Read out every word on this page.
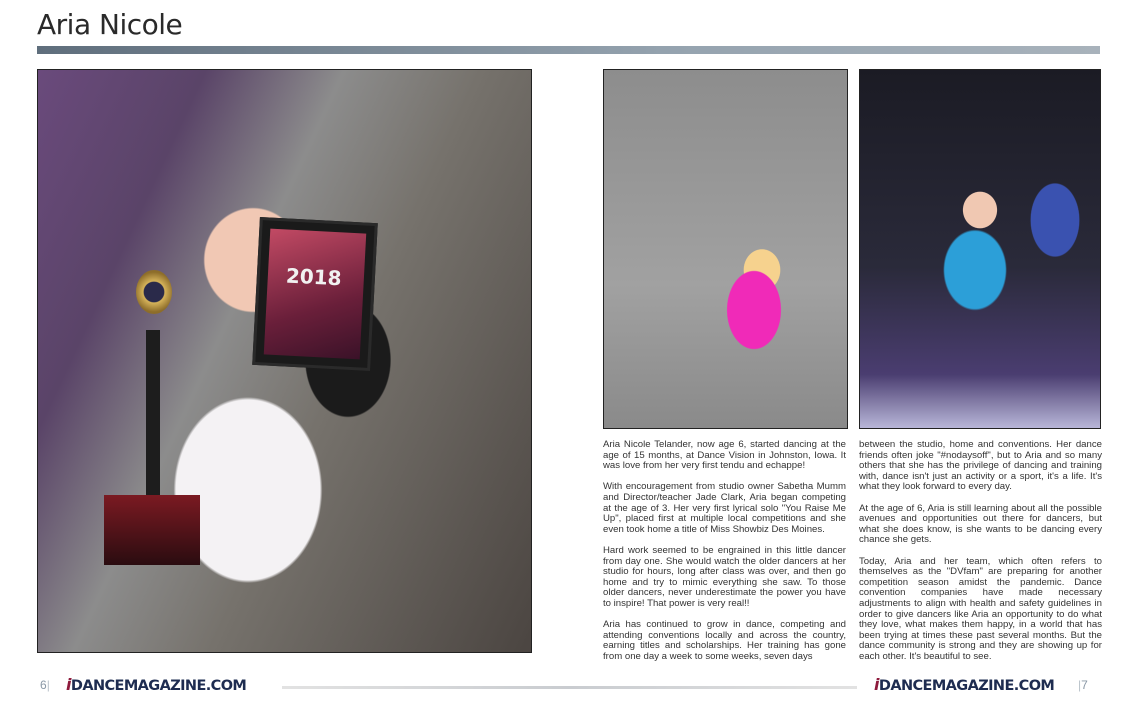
Aria Nicole
2018

Aria Nicole Telander, now age 6, started dancing at the age of 15 months, at Dance Vision in Johnston, Iowa. It was love from her very first tendu and echappe!

With encouragement from studio owner Sabetha Mumm and Director/teacher Jade Clark, Aria began competing at the age of 3. Her very first lyrical solo "You Raise Me Up", placed first at multiple local competitions and she even took home a title of Miss Showbiz Des Moines.

Hard work seemed to be engrained in this little dancer from day one. She would watch the older dancers at her studio for hours, long after class was over, and then go home and try to mimic everything she saw. To those older dancers, never underestimate the power you have to inspire! That power is very real!!

Aria has continued to grow in dance, competing and attending conventions locally and across the country, earning titles and scholarships. Her training has gone from one day a week to some weeks, seven days

between the studio, home and conventions. Her dance friends often joke "#nodaysoff", but to Aria and so many others that she has the privilege of dancing and training with, dance isn't just an activity or a sport, it's a life. It's what they look forward to every day.

At the age of 6, Aria is still learning about all the possible avenues and opportunities out there for dancers, but what she does know, is she wants to be dancing every chance she gets.

Today, Aria and her team, which often refers to themselves as the "DVfam" are preparing for another competition season amidst the pandemic. Dance convention companies have made necessary adjustments to align with health and safety guidelines in order to give dancers like Aria an opportunity to do what they love, what makes them happy, in a world that has been trying at times these past several months. But the dance community is strong and they are showing up for each other. It's beautiful to see.

6| iDANCEMAGAZINE.COM	iDANCEMAGAZINE.COM |7
